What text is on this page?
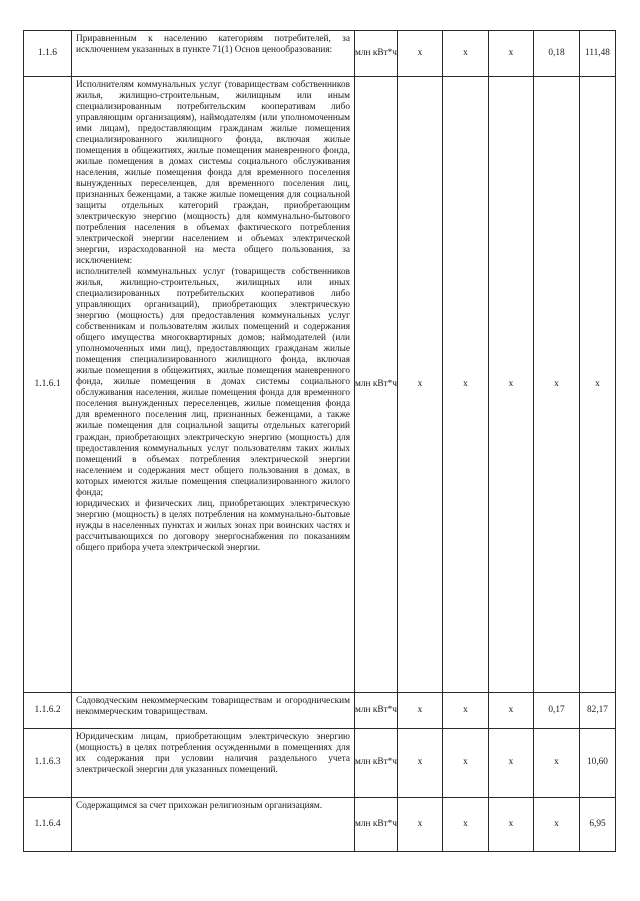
1.1.6	Приравненным к населению категориям потребителей, за исключением указанных в пункте 71(1) Основ ценообразования:	млн кВт*ч	x	x	x	0,18	111,48
1.1.6.1	Исполнителям коммунальных услуг (товариществам собственников жилья, жилищно-строительным, жилищным или иным специализированным потребительским кооперативам либо управляющим организациям), наймодателям (или уполномоченным ими лицам), предоставляющим гражданам жилые помещения специализированного жилищного фонда, включая жилые помещения в общежитиях, жилые помещения маневренного фонда, жилые помещения в домах системы социального обслуживания населения, жилые помещения фонда для временного поселения вынужденных переселенцев, для временного поселения лиц, признанных беженцами, а также жилые помещения для социальной защиты отдельных категорий граждан, приобретающим электрическую энергию (мощность) для коммунально-бытового потребления населения в объемах фактического потребления электрической энергии населением и объемах электрической энергии, израсходованной на места общего пользования, за исключением:
исполнителей коммунальных услуг (товариществ собственников жилья, жилищно-строительных, жилищных или иных специализированных потребительских кооперативов либо управляющих организаций), приобретающих электрическую энергию (мощность) для предоставления коммунальных услуг собственникам и пользователям жилых помещений и содержания общего имущества многоквартирных домов; наймодателей (или уполномоченных ими лиц), предоставляющих гражданам жилые помещения специализированного жилищного фонда, включая жилые помещения в общежитиях, жилые помещения маневренного фонда, жилые помещения в домах системы социального обслуживания населения, жилые помещения фонда для временного поселения вынужденных переселенцев, жилые помещения фонда для временного поселения лиц, признанных беженцами, а также жилые помещения для социальной защиты отдельных категорий граждан, приобретающих электрическую энергию (мощность) для предоставления коммунальных услуг пользователям таких жилых помещений в объемах потребления электрической энергии населением и содержания мест общего пользования в домах, в которых имеются жилые помещения специализированного жилого фонда;
юридических и физических лиц, приобретающих электрическую энергию (мощность) в целях потребления на коммунально-бытовые нужды в населенных пунктах и жилых зонах при воинских частях и рассчитывающихся по договору энергоснабжения по показаниям общего прибора учета электрической энергии.	млн кВт*ч	x	x	x	x	x
1.1.6.2	Садоводческим некоммерческим товариществам и огородническим некоммерческим товариществам.	млн кВт*ч	x	x	x	0,17	82,17
1.1.6.3	Юридическим лицам, приобретающим электрическую энергию (мощность) в целях потребления осужденными в помещениях для их содержания при условии наличия раздельного учета электрической энергии для указанных помещений.	млн кВт*ч	x	x	x	x	10,60
1.1.6.4	Содержащимся за счет прихожан религиозным организациям.	млн кВт*ч	x	x	x	x	6,95
